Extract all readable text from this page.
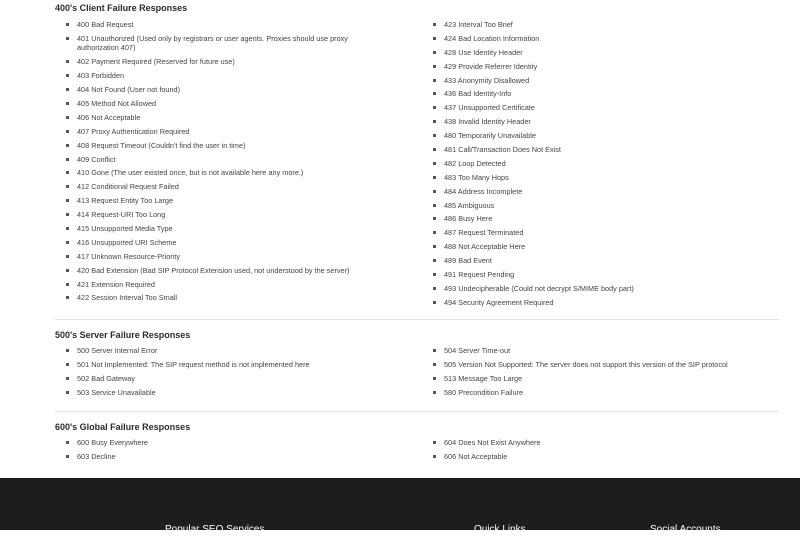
400's Client Failure Responses
400 Bad Request
401 Unauthorized (Used only by registrars or user agents. Proxies should use proxy authorization 407)
402 Payment Required (Reserved for future use)
403 Forbidden
404 Not Found (User not found)
405 Method Not Allowed
406 Not Acceptable
407 Proxy Authentication Required
408 Request Timeout (Couldn't find the user in time)
409 Conflict
410 Gone (The user existed once, but is not available here any more.)
412 Conditional Request Failed
413 Request Entity Too Large
414 Request-URI Too Long
415 Unsupported Media Type
416 Unsupported URI Scheme
417 Unknown Resource-Priority
420 Bad Extension (Bad SIP Protocol Extension used, not understood by the server)
421 Extension Required
422 Session Interval Too Small
423 Interval Too Brief
424 Bad Location Information
428 Use Identity Header
429 Provide Referrer Identity
433 Anonymity Disallowed
436 Bad Identity-Info
437 Unsupported Certificate
438 Invalid Identity Header
480 Temporarily Unavailable
481 Call/Transaction Does Not Exist
482 Loop Detected
483 Too Many Hops
484 Address Incomplete
485 Ambiguous
486 Busy Here
487 Request Terminated
488 Not Acceptable Here
489 Bad Event
491 Request Pending
493 Undecipherable (Could not decrypt S/MIME body part)
494 Security Agreement Required
500's Server Failure Responses
500 Server Internal Error
501 Not Implemented: The SIP request method is not implemented here
502 Bad Gateway
503 Service Unavailable
504 Server Time-out
505 Version Not Supported: The server does not support this version of the SIP protocol
513 Message Too Large
580 Precondition Failure
600's Global Failure Responses
600 Busy Everywhere
603 Decline
604 Does Not Exist Anywhere
606 Not Acceptable
Popular SEO Services	Quick Links	Social Accounts
